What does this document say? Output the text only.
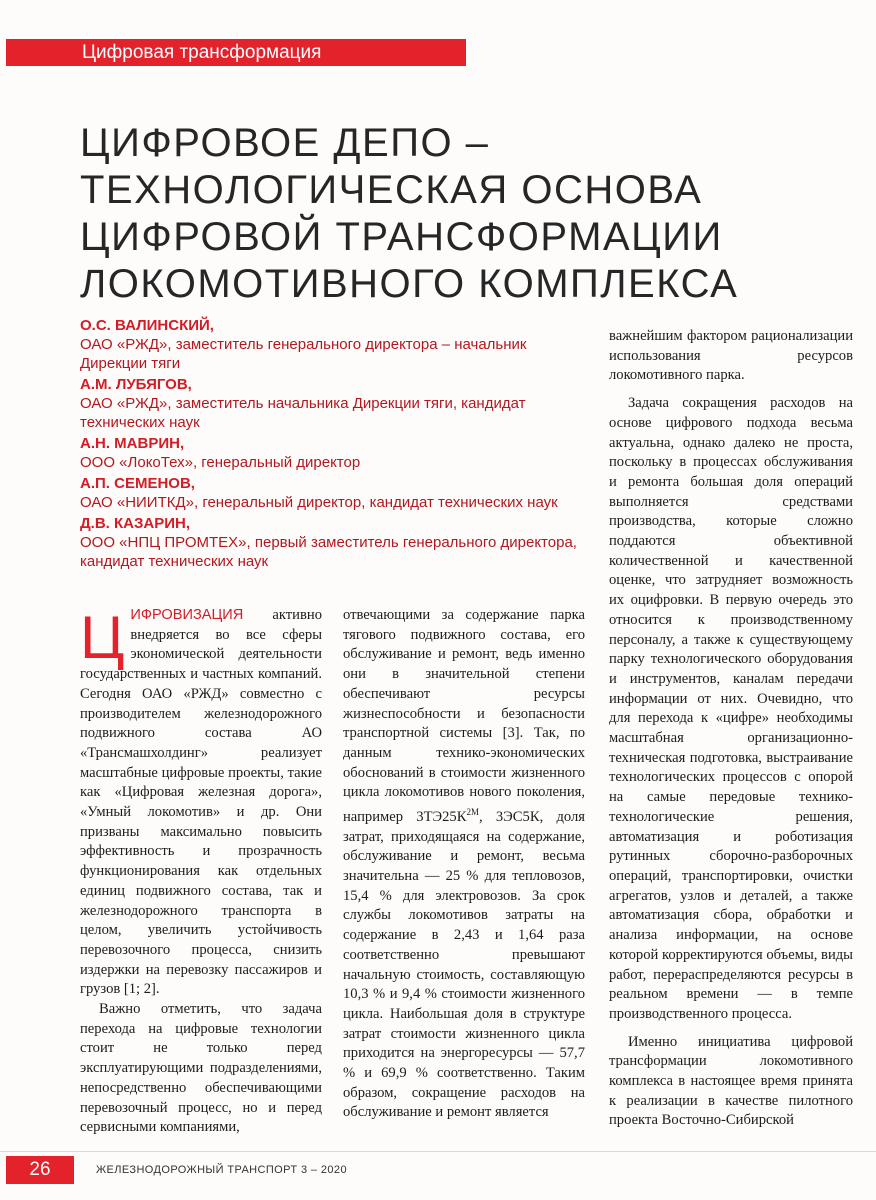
Цифровая трансформация
ЦИФРОВОЕ ДЕПО –
ТЕХНОЛОГИЧЕСКАЯ ОСНОВА
ЦИФРОВОЙ ТРАНСФОРМАЦИИ
ЛОКОМОТИВНОГО КОМПЛЕКСА
О.С. ВАЛИНСКИЙ,
ОАО «РЖД», заместитель генерального директора – начальник Дирекции тяги
А.М. ЛУБЯГОВ,
ОАО «РЖД», заместитель начальника Дирекции тяги, кандидат технических наук
А.Н. МАВРИН,
ООО «ЛокоТех», генеральный директор
А.П. СЕМЕНОВ,
ОАО «НИИТКД», генеральный директор, кандидат технических наук
Д.В. КАЗАРИН,
ООО «НПЦ ПРОМТЕХ», первый заместитель генерального директора, кандидат технических наук

ЦИФРОВИЗАЦИЯ активно внедряется во все сферы экономической деятельности государственных и частных компаний. Сегодня ОАО «РЖД» совместно с производителем железнодорожного подвижного состава АО «Трансмашхолдинг» реализует масштабные цифровые проекты, такие как «Цифровая железная дорога», «Умный локомотив» и др. Они призваны максимально повысить эффективность и прозрачность функционирования как отдельных единиц подвижного состава, так и железнодорожного транспорта в целом, увеличить устойчивость перевозочного процесса, снизить издержки на перевозку пассажиров и грузов [1; 2].

Важно отметить, что задача перехода на цифровые технологии стоит не только перед эксплуатирующими подразделениями, непосредственно обеспечивающими перевозочный процесс, но и перед сервисными компаниями,

отвечающими за содержание парка тягового подвижного состава, его обслуживание и ремонт, ведь именно они в значительной степени обеспечивают ресурсы жизнеспособности и безопасности транспортной системы [3]. Так, по данным технико-экономических обоснований в стоимости жизненного цикла локомотивов нового поколения, например $3ТЭ25К^{2М}$, 3ЭС5К, доля затрат, приходящаяся на содержание, обслуживание и ремонт, весьма значительна — 25 % для тепловозов, 15,4 % для электровозов. За срок службы локомотивов затраты на содержание в 2,43 и 1,64 раза соответственно превышают начальную стоимость, составляющую 10,3 % и 9,4 % стоимости жизненного цикла. Наибольшая доля в структуре затрат стоимости жизненного цикла приходится на энергоресурсы — 57,7 % и 69,9 % соответственно. Таким образом, сокращение расходов на обслуживание и ремонт является

важнейшим фактором рационализации использования ресурсов локомотивного парка.

Задача сокращения расходов на основе цифрового подхода весьма актуальна, однако далеко не проста, поскольку в процессах обслуживания и ремонта большая доля операций выполняется средствами производства, которые сложно поддаются объективной количественной и качественной оценке, что затрудняет возможность их оцифровки. В первую очередь это относится к производственному персоналу, а также к существующему парку технологического оборудования и инструментов, каналам передачи информации от них. Очевидно, что для перехода к «цифре» необходимы масштабная организационно-техническая подготовка, выстраивание технологических процессов с опорой на самые передовые технико-технологические решения, автоматизация и роботизация рутинных сборочно-разборочных операций, транспортировки, очистки агрегатов, узлов и деталей, а также автоматизация сбора, обработки и анализа информации, на основе которой корректируются объемы, виды работ, перераспределяются ресурсы в реальном времени — в темпе производственного процесса.

Именно инициатива цифровой трансформации локомотивного комплекса в настоящее время принята к реализации в качестве пилотного проекта Восточно-Сибирской

26	ЖЕЛЕЗНОДОРОЖНЫЙ ТРАНСПОРТ 3 – 2020
